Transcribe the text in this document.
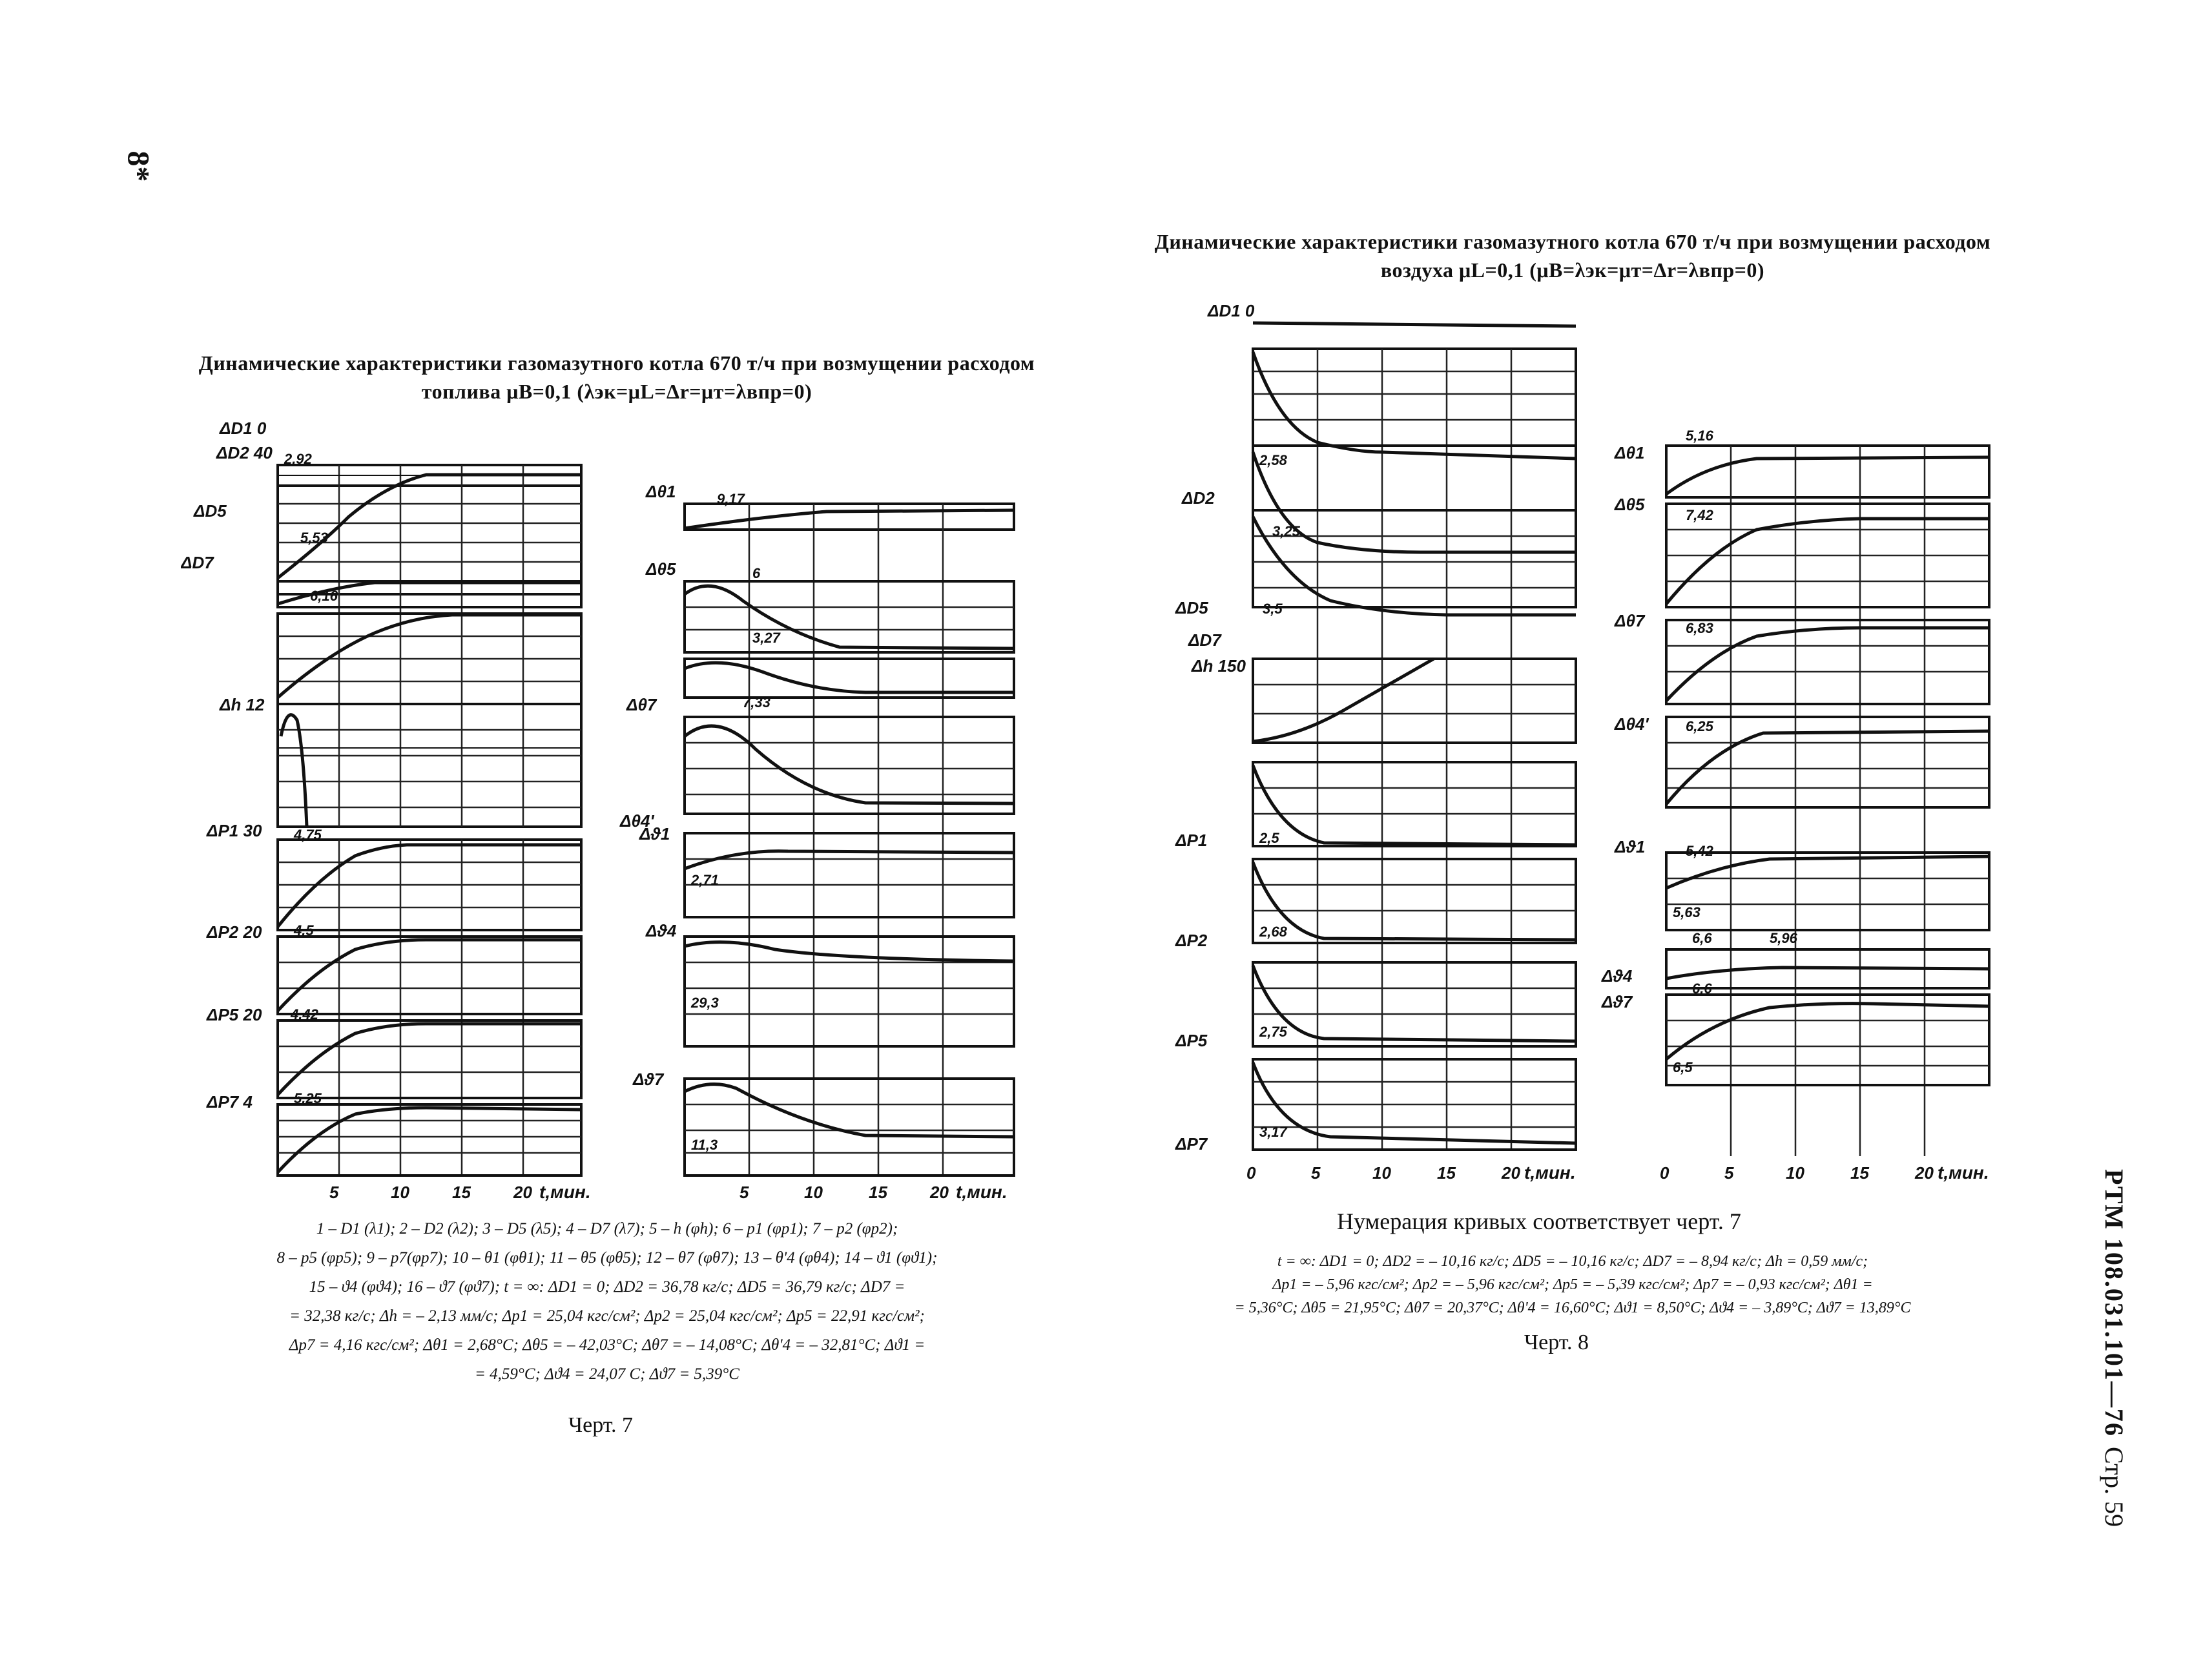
8*
Динамические характеристики газомазутного котла 670 т/ч при возмущении расходом топлива μB=0,1 (λэк=μL=Δr=μт=λвпр=0)
Динамические характеристики газомазутного котла 670 т/ч при возмущении расходом воздуха μL=0,1 (μB=λэк=μт=Δr=λвпр=0)
ΔD1 0
ΔD2 40
ΔD5
ΔD7
Δh 12
ΔP1 30
ΔP2 20
ΔP5 20
ΔP7 4
Δθ1
Δθ5
Δθ7
Δθ4'
Δϑ1
Δϑ4
Δϑ7
2,92
5,53
6,16
9,17
6
3,27
7,33
4,75
4,5
4,42
5,25
2,71
29,3
11,3
5	10	15	20 t,мин.	5	10	15	20 t,мин.
ΔD1 0
ΔD2
ΔD5
ΔD7
Δh 150
ΔP1
ΔP2
ΔP5
ΔP7
Δθ1
Δθ5
Δθ7
Δθ4'
Δϑ1
Δϑ4
Δϑ7
2,58
3,25
3,5
2,5
2,68
2,75
3,17
5,16
7,42
6,83
6,25
5,42
5,63
6,6	5,96
6,6
6,5
0	5	10	15	20 t,мин.	0	5	10	15	20 t,мин.
1 – D1 (λ1); 2 – D2 (λ2); 3 – D5 (λ5); 4 – D7 (λ7); 5 – h (φh); 6 – p1 (φp1); 7 – p2 (φp2);
8 – p5 (φp5); 9 – p7(φp7); 10 – θ1 (φθ1); 11 – θ5 (φθ5); 12 – θ7 (φθ7); 13 – θ'4 (φθ4); 14 – ϑ1 (φϑ1);
15 – ϑ4 (φϑ4); 16 – ϑ7 (φϑ7); t = ∞: ΔD1 = 0; ΔD2 = 36,78 кг/с; ΔD5 = 36,79 кг/с; ΔD7 =
= 32,38 кг/с; Δh = – 2,13 мм/с; Δp1 = 25,04 кгс/см²; Δp2 = 25,04 кгс/см²; Δp5 = 22,91 кгс/см²;
Δp7 = 4,16 кгс/см²; Δθ1 = 2,68°С; Δθ5 = – 42,03°С; Δθ7 = – 14,08°С; Δθ'4 = – 32,81°С; Δϑ1 =
= 4,59°С; Δϑ4 = 24,07 С; Δϑ7 = 5,39°С
Черт. 7
Нумерация кривых соответствует черт. 7
t = ∞: ΔD1 = 0; ΔD2 = – 10,16 кг/с; ΔD5 = – 10,16 кг/с; ΔD7 = – 8,94 кг/с; Δh = 0,59 мм/с;
Δp1 = – 5,96 кгс/см²; Δp2 = – 5,96 кгс/см²; Δp5 = – 5,39 кгс/см²; Δp7 = – 0,93 кгс/см²; Δθ1 =
= 5,36°С; Δθ5 = 21,95°С; Δθ7 = 20,37°С; Δθ'4 = 16,60°С; Δϑ1 = 8,50°С; Δϑ4 = – 3,89°С; Δϑ7 = 13,89°С
Черт. 8	РТМ 108.031.101—76
Стр. 59
